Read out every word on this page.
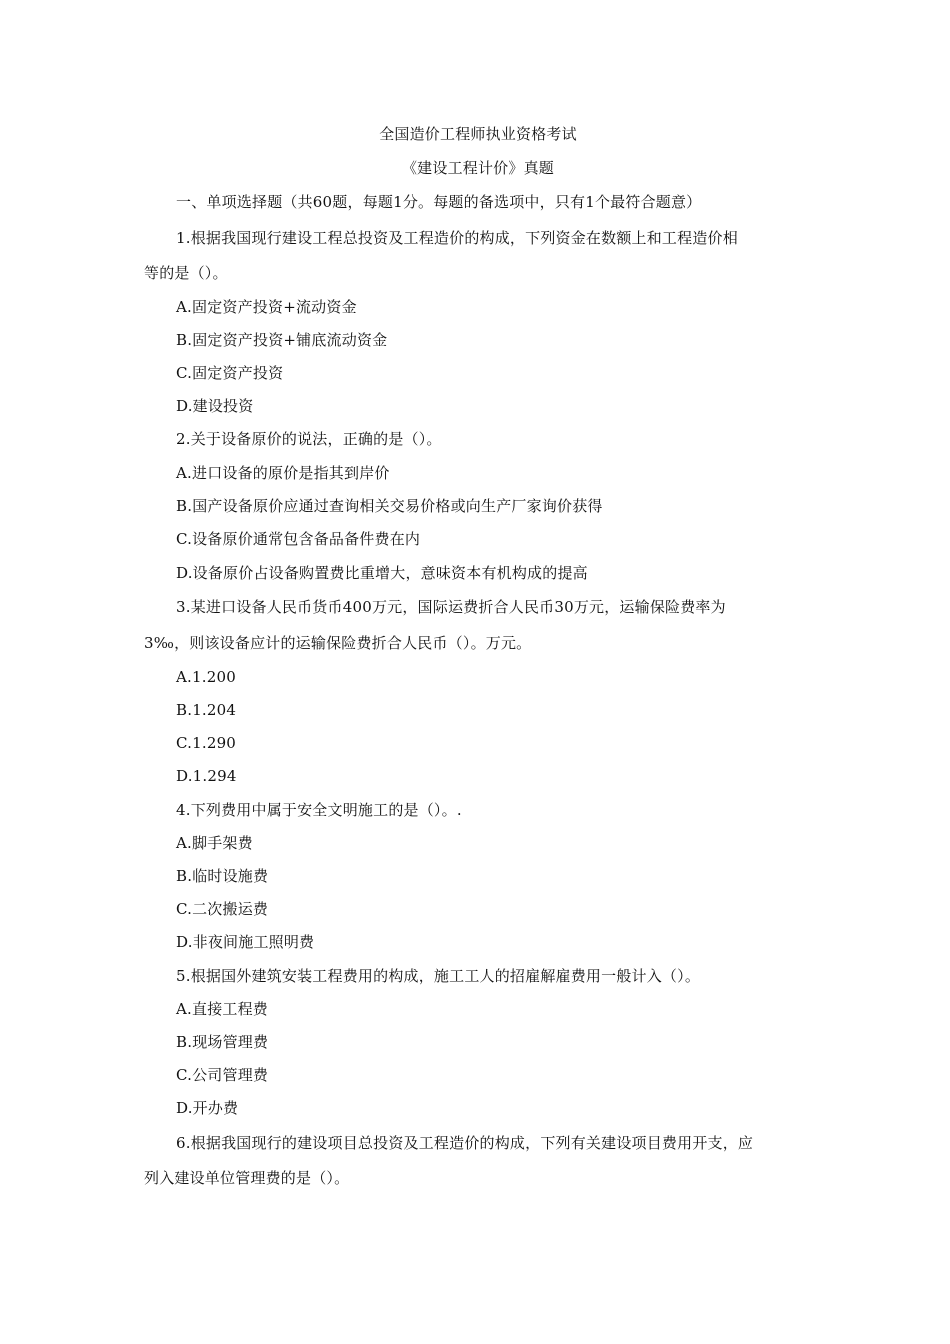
全国造价工程师执业资格考试
《建设工程计价》真题
一、单项选择题（共60题，每题1分。每题的备选项中，只有1个最符合题意）
1.根据我国现行建设工程总投资及工程造价的构成，下列资金在数额上和工程造价相
等的是（）。
A.固定资产投资+流动资金
B.固定资产投资+铺底流动资金
C.固定资产投资
D.建设投资
2.关于设备原价的说法，正确的是（）。
A.进口设备的原价是指其到岸价
B.国产设备原价应通过查询相关交易价格或向生产厂家询价获得
C.设备原价通常包含备品备件费在内
D.设备原价占设备购置费比重增大，意味资本有机构成的提高
3.某进口设备人民币货币400万元，国际运费折合人民币30万元，运输保险费率为
3‰，则该设备应计的运输保险费折合人民币（）。万元。
A.1.200
B.1.204
C.1.290
D.1.294
4.下列费用中属于安全文明施工的是（）。.
A.脚手架费
B.临时设施费
C.二次搬运费
D.非夜间施工照明费
5.根据国外建筑安装工程费用的构成，施工工人的招雇解雇费用一般计入（）。
A.直接工程费
B.现场管理费
C.公司管理费
D.开办费
6.根据我国现行的建设项目总投资及工程造价的构成，下列有关建设项目费用开支，应
列入建设单位管理费的是（）。
